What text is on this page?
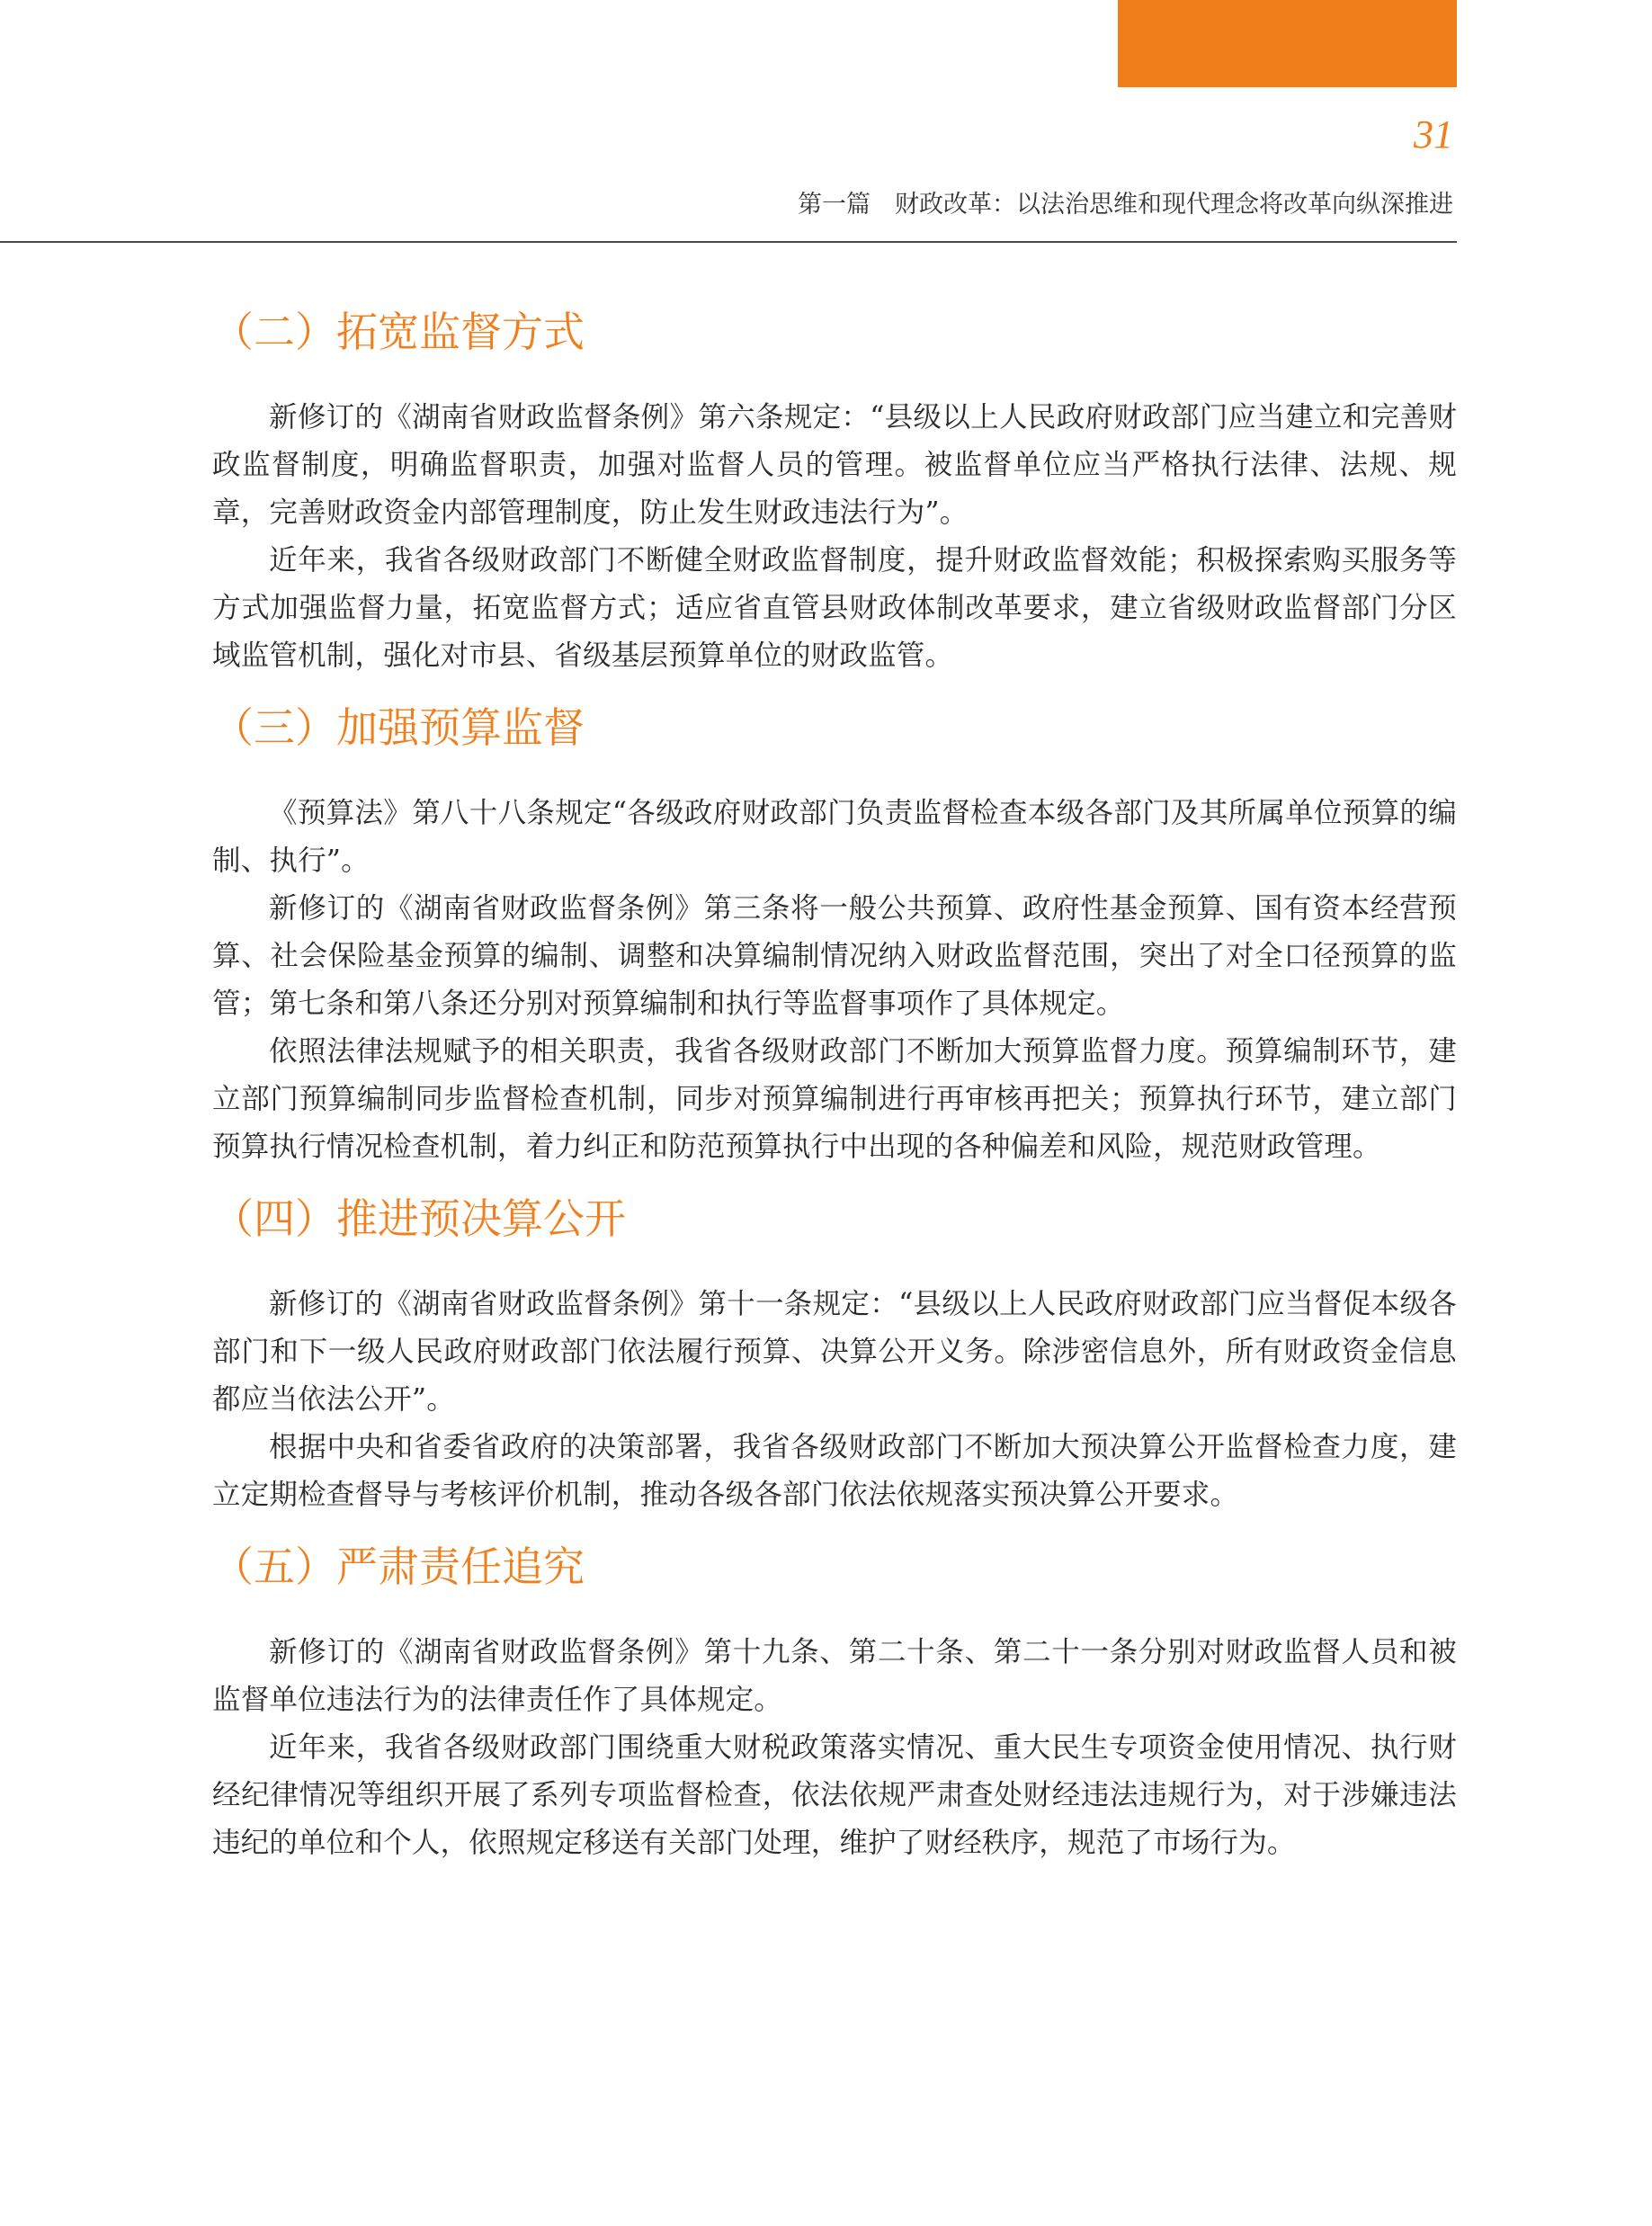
31
第一篇　财政改革：以法治思维和现代理念将改革向纵深推进
（二）拓宽监督方式

新修订的《湖南省财政监督条例》第六条规定：“县级以上人民政府财政部门应当建立和完善财政监督制度，明确监督职责，加强对监督人员的管理。被监督单位应当严格执行法律、法规、规章，完善财政资金内部管理制度，防止发生财政违法行为”。

近年来，我省各级财政部门不断健全财政监督制度，提升财政监督效能；积极探索购买服务等方式加强监督力量，拓宽监督方式；适应省直管县财政体制改革要求，建立省级财政监督部门分区域监管机制，强化对市县、省级基层预算单位的财政监管。

（三）加强预算监督

《预算法》第八十八条规定“各级政府财政部门负责监督检查本级各部门及其所属单位预算的编制、执行”。

新修订的《湖南省财政监督条例》第三条将一般公共预算、政府性基金预算、国有资本经营预算、社会保险基金预算的编制、调整和决算编制情况纳入财政监督范围，突出了对全口径预算的监管；第七条和第八条还分别对预算编制和执行等监督事项作了具体规定。

依照法律法规赋予的相关职责，我省各级财政部门不断加大预算监督力度。预算编制环节，建立部门预算编制同步监督检查机制，同步对预算编制进行再审核再把关；预算执行环节，建立部门预算执行情况检查机制，着力纠正和防范预算执行中出现的各种偏差和风险，规范财政管理。

（四）推进预决算公开

新修订的《湖南省财政监督条例》第十一条规定：“县级以上人民政府财政部门应当督促本级各部门和下一级人民政府财政部门依法履行预算、决算公开义务。除涉密信息外，所有财政资金信息都应当依法公开”。

根据中央和省委省政府的决策部署，我省各级财政部门不断加大预决算公开监督检查力度，建立定期检查督导与考核评价机制，推动各级各部门依法依规落实预决算公开要求。

（五）严肃责任追究

新修订的《湖南省财政监督条例》第十九条、第二十条、第二十一条分别对财政监督人员和被监督单位违法行为的法律责任作了具体规定。

近年来，我省各级财政部门围绕重大财税政策落实情况、重大民生专项资金使用情况、执行财经纪律情况等组织开展了系列专项监督检查，依法依规严肃查处财经违法违规行为，对于涉嫌违法违纪的单位和个人，依照规定移送有关部门处理，维护了财经秩序，规范了市场行为。
